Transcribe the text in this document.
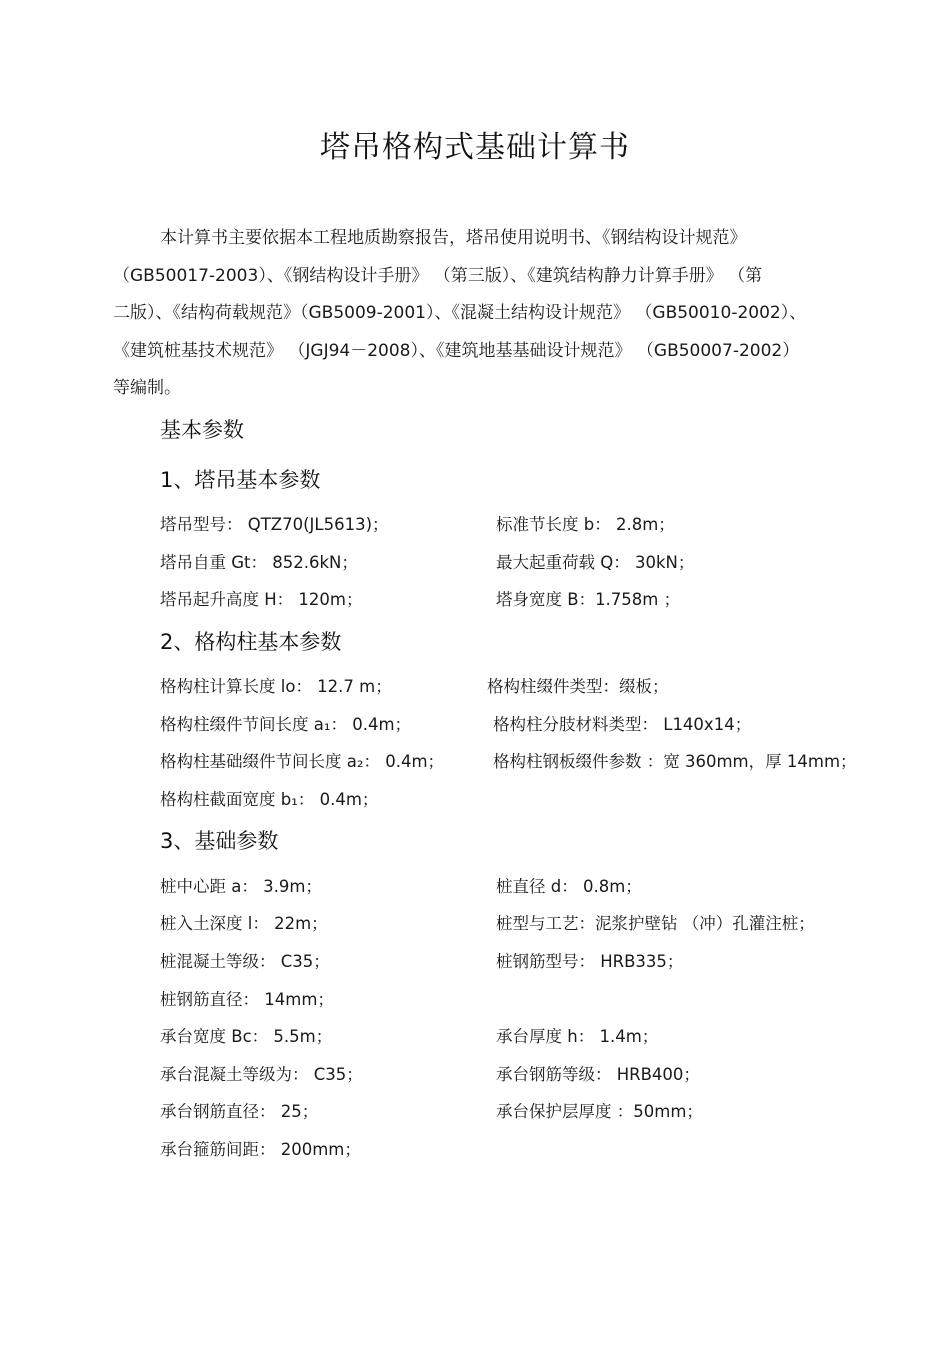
塔吊格构式基础计算书
本计算书主要依据本工程地质勘察报告，塔吊使用说明书、《钢结构设计规范》
（GB50017-2003）、《钢结构设计手册》 （第三版）、《建筑结构静力计算手册》 （第
二版）、《结构荷载规范》（GB5009-2001）、《混凝土结构设计规范》 （GB50010-2002）、
《建筑桩基技术规范》 （JGJ94－2008）、《建筑地基基础设计规范》 （GB50007-2002）
等编制。
基本参数
1、塔吊基本参数
塔吊型号： QTZ70(JL5613)；	标准节长度 b： 2.8m；
塔吊自重 Gt： 852.6kN；	最大起重荷载 Q： 30kN；
塔吊起升高度 H： 120m；	塔身宽度 B：1.758m ；
2、格构柱基本参数
格构柱计算长度 lo： 12.7 m；	格构柱缀件类型：缀板；
格构柱缀件节间长度 a₁： 0.4m；	格构柱分肢材料类型： L140x14；
格构柱基础缀件节间长度 a₂： 0.4m；	格构柱钢板缀件参数 ：宽 360mm，厚 14mm；
格构柱截面宽度 b₁： 0.4m；
3、基础参数
桩中心距 a： 3.9m；	桩直径 d： 0.8m；
桩入土深度 l： 22m；	桩型与工艺：泥浆护壁钻 （冲）孔灌注桩；
桩混凝土等级： C35；	桩钢筋型号： HRB335；
桩钢筋直径： 14mm；
承台宽度 Bc： 5.5m；	承台厚度 h： 1.4m；
承台混凝土等级为： C35；	承台钢筋等级： HRB400；
承台钢筋直径： 25；	承台保护层厚度 ：50mm；
承台箍筋间距： 200mm；
